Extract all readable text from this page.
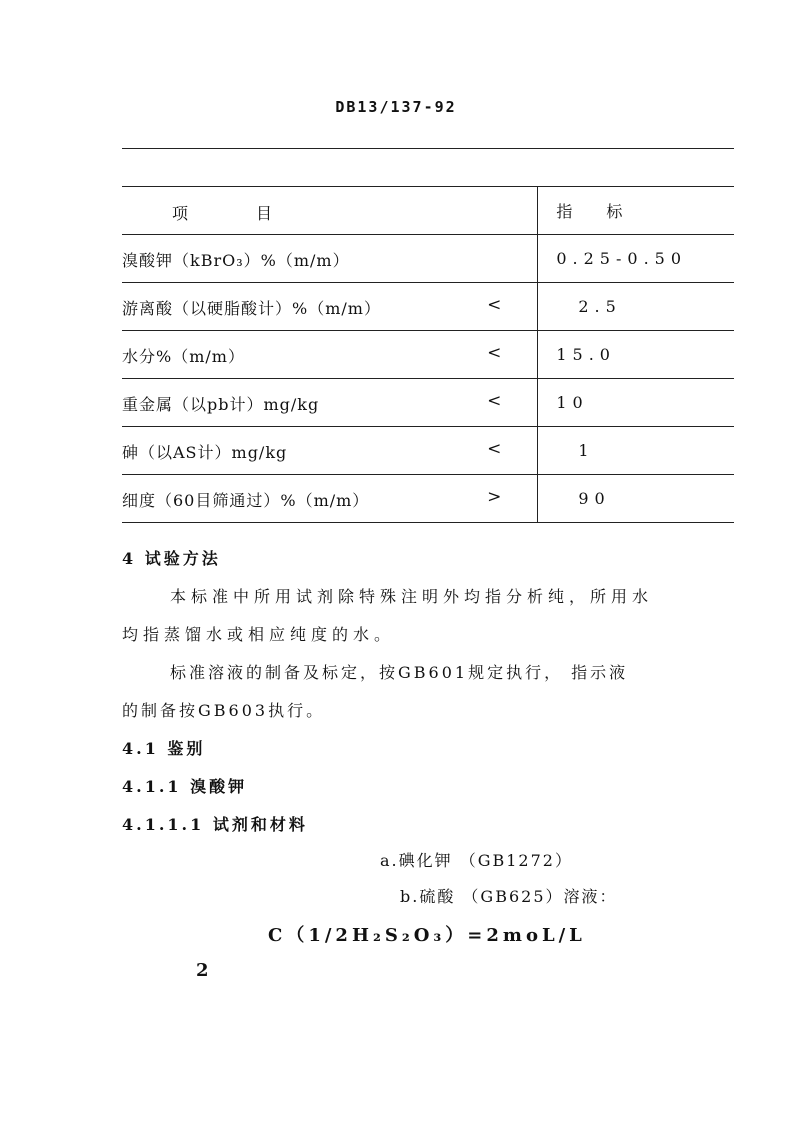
DB13/137-92
项 目	指 标

溴酸钾（kBrO₃）%（m/m）	0.25-0.50

游离酸（以硬脂酸计）%（m/m） <	2.5

水分%（m/m） <	15.0

重金属（以pb计）mg/kg <	10

砷（以AS计）mg/kg <	1

细度（60目筛通过）%（m/m） >	90
4 试验方法
本标准中所用试剂除特殊注明外均指分析纯，所用水
均指蒸馏水或相应纯度的水。
标准溶液的制备及标定，按GB601规定执行， 指示液
的制备按GB603执行。
4.1 鉴别
4.1.1 溴酸钾
4.1.1.1 试剂和材料
a.碘化钾 （GB1272）
b.硫酸 （GB625）溶液：
C（1/2H₂S₂O₃）=2moL/L
2
